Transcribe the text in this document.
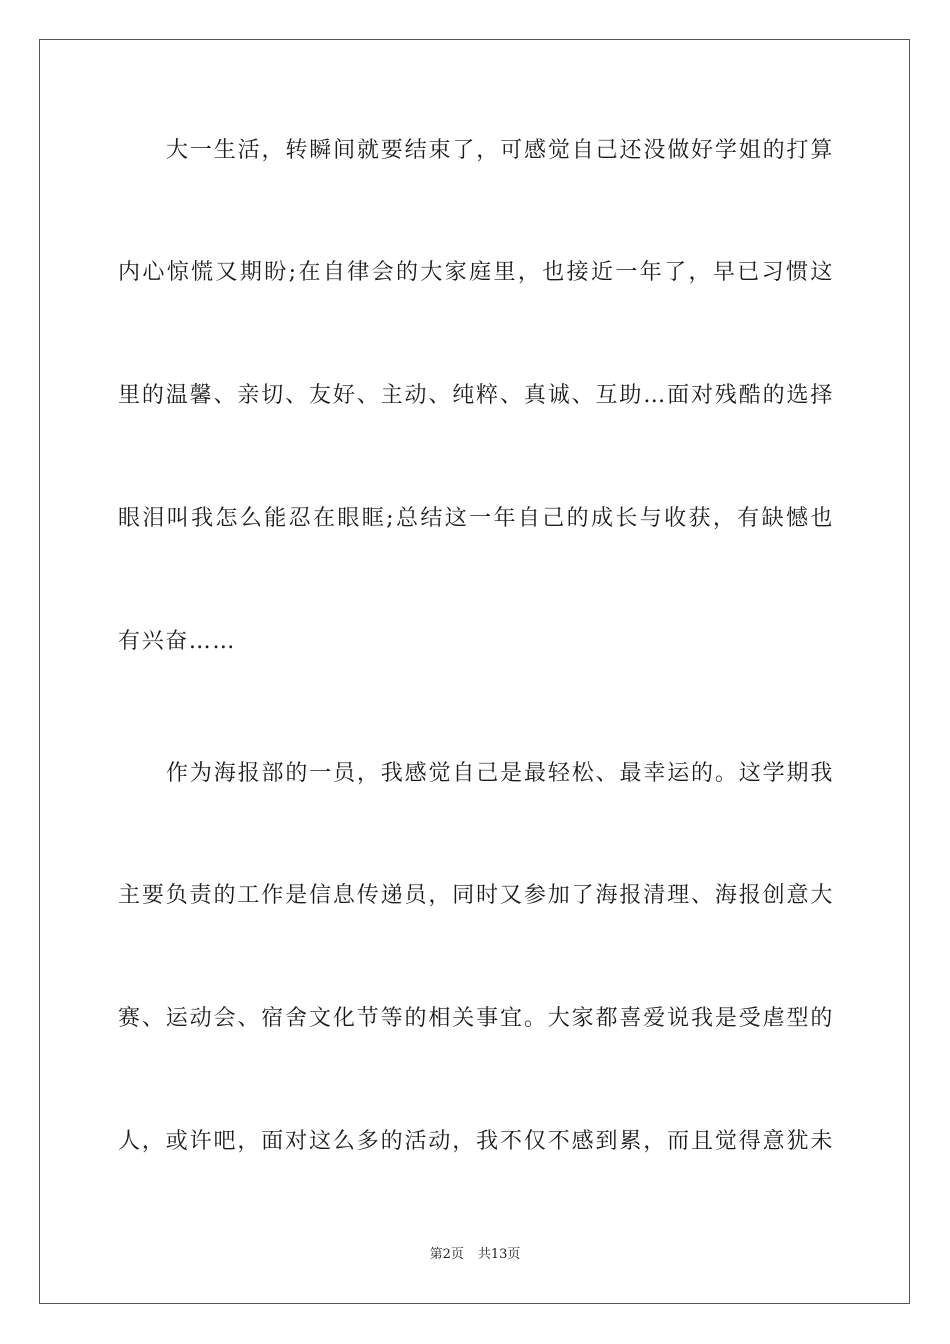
大一生活，转瞬间就要结束了，可感觉自己还没做好学姐的打算
内心惊慌又期盼;在自律会的大家庭里，也接近一年了，早已习惯这
里的温馨、亲切、友好、主动、纯粹、真诚、互助…面对残酷的选择
眼泪叫我怎么能忍在眼眶;总结这一年自己的成长与收获，有缺憾也
有兴奋……
作为海报部的一员，我感觉自己是最轻松、最幸运的。这学期我
主要负责的工作是信息传递员，同时又参加了海报清理、海报创意大
赛、运动会、宿舍文化节等的相关事宜。大家都喜爱说我是受虐型的
人，或许吧，面对这么多的活动，我不仅不感到累，而且觉得意犹未
第2页 共13页
